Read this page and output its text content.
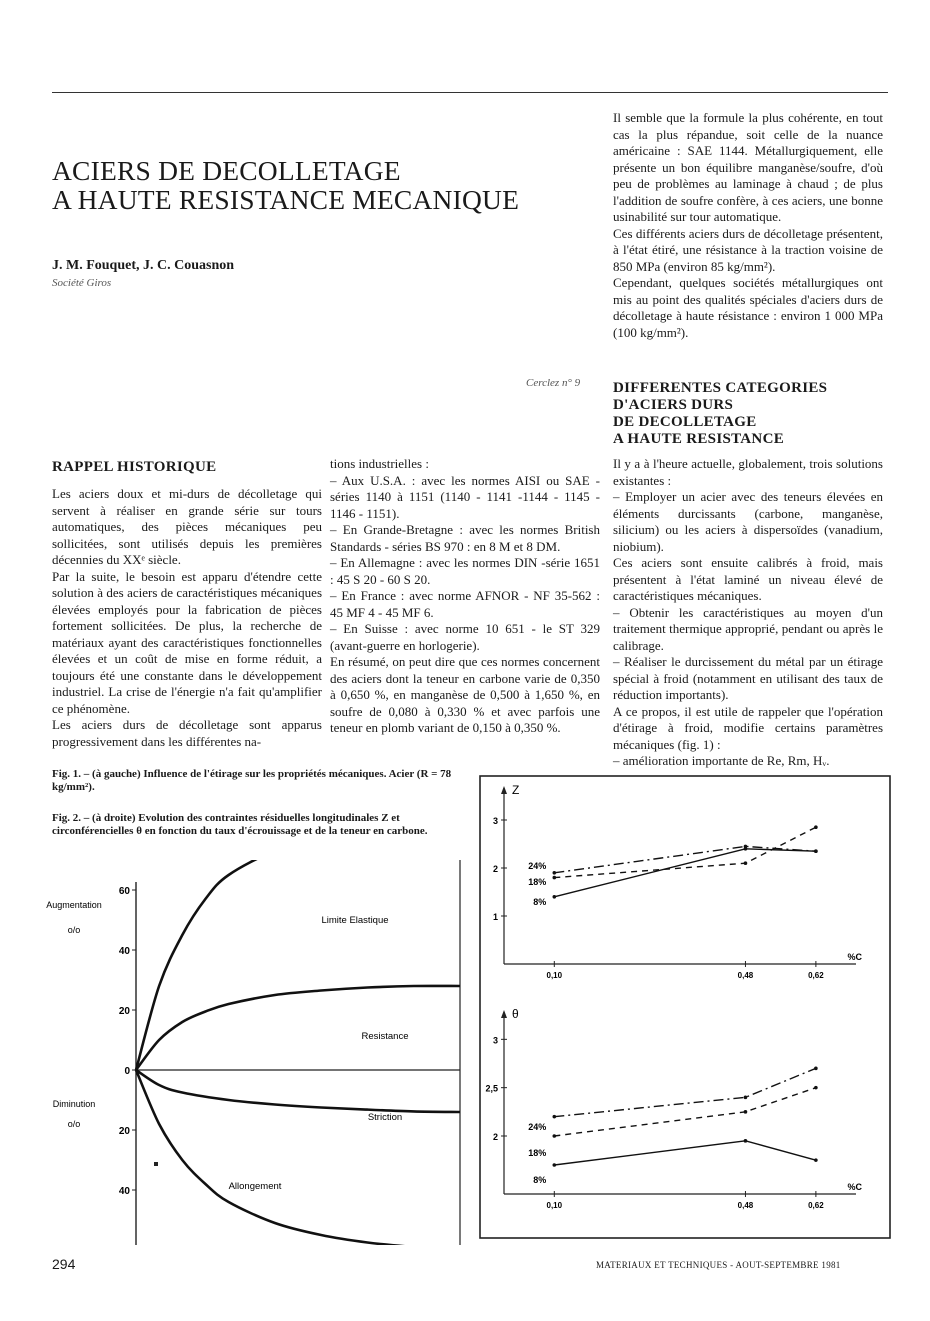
ACIERS DE DECOLLETAGE
A HAUTE RESISTANCE MECANIQUE
J. M. Fouquet, J. C. Couasnon
Société Giros
Cerclez n° 9

Il semble que la formule la plus cohérente, en tout cas la plus répandue, soit celle de la nuance américaine : SAE 1144. Métallurgiquement, elle présente un bon équilibre manganèse/soufre, d'où peu de problèmes au laminage à chaud ; de plus l'addition de soufre confère, à ces aciers, une bonne usinabilité sur tour automatique.

Ces différents aciers durs de décolletage présentent, à l'état étiré, une résistance à la traction voisine de 850 MPa (environ 85 kg/mm²).

Cependant, quelques sociétés métallurgiques ont mis au point des qualités spéciales d'aciers durs de décolletage à haute résistance : environ 1 000 MPa (100 kg/mm²).

DIFFERENTES CATEGORIES
D'ACIERS DURS
DE DECOLLETAGE
A HAUTE RESISTANCE
RAPPEL HISTORIQUE

Les aciers doux et mi-durs de décolletage qui servent à réaliser en grande série sur tours automatiques, des pièces mécaniques peu sollicitées, sont utilisés depuis les premières décennies du XXᵉ siècle.

Par la suite, le besoin est apparu d'étendre cette solution à des aciers de caractéristiques mécaniques élevées employés pour la fabrication de pièces fortement sollicitées. De plus, la recherche de matériaux ayant des caractéristiques fonctionnelles élevées et un coût de mise en forme réduit, a toujours été une constante dans le développement industriel. La crise de l'énergie n'a fait qu'amplifier ce phénomène.

Les aciers durs de décolletage sont apparus progressivement dans les différentes na-

tions industrielles :

– Aux U.S.A. : avec les normes AISI ou SAE - séries 1140 à 1151 (1140 - 1141 -1144 - 1145 - 1146 - 1151).

– En Grande-Bretagne : avec les normes British Standards - séries BS 970 : en 8 M et 8 DM.

– En Allemagne : avec les normes DIN -série 1651 : 45 S 20 - 60 S 20.

– En France : avec norme AFNOR - NF 35-562 : 45 MF 4 - 45 MF 6.

– En Suisse : avec norme 10 651 - le ST 329 (avant-guerre en horlogerie).

En résumé, on peut dire que ces normes concernent des aciers dont la teneur en carbone varie de 0,350 à 0,650 %, en manganèse de 0,500 à 1,650 %, en soufre de 0,080 à 0,330 % et avec parfois une teneur en plomb variant de 0,150 à 0,350 %.

Il y a à l'heure actuelle, globalement, trois solutions existantes :

– Employer un acier avec des teneurs élevées en éléments durcissants (carbone, manganèse, silicium) ou les aciers à dispersoïdes (vanadium, niobium).

Ces aciers sont ensuite calibrés à froid, mais présentent à l'état laminé un niveau élevé de caractéristiques mécaniques.

– Obtenir les caractéristiques au moyen d'un traitement thermique approprié, pendant ou après le calibrage.

– Réaliser le durcissement du métal par un étirage spécial à froid (notamment en utilisant des taux de réduction importants).

A ce propos, il est utile de rappeler que l'opération d'étirage à froid, modifie certains paramètres mécaniques (fig. 1) :

– amélioration importante de Re, Rm, Hᵥ.

Fig. 1. – (à gauche) Influence de l'étirage sur les propriétés mécaniques. Acier (R = 78 kg/mm²).
Fig. 2. – (à droite) Evolution des contraintes résiduelles longitudinales Z et circonférencielles θ en fonction du taux d'écrouissage et de la teneur en carbone.
60
40
20
0
20
40
Augmentation
o/o
Diminution
o/o
Limite Elastique
Resistance
Striction
Allongement
Z
%C
0,10	0,48	0,62
1
2
3
24%
18%
8%
θ
%C
0,10	0,48	0,62
2
2,5
3
24%
18%
8%
294	MATERIAUX ET TECHNIQUES - AOUT-SEPTEMBRE 1981
